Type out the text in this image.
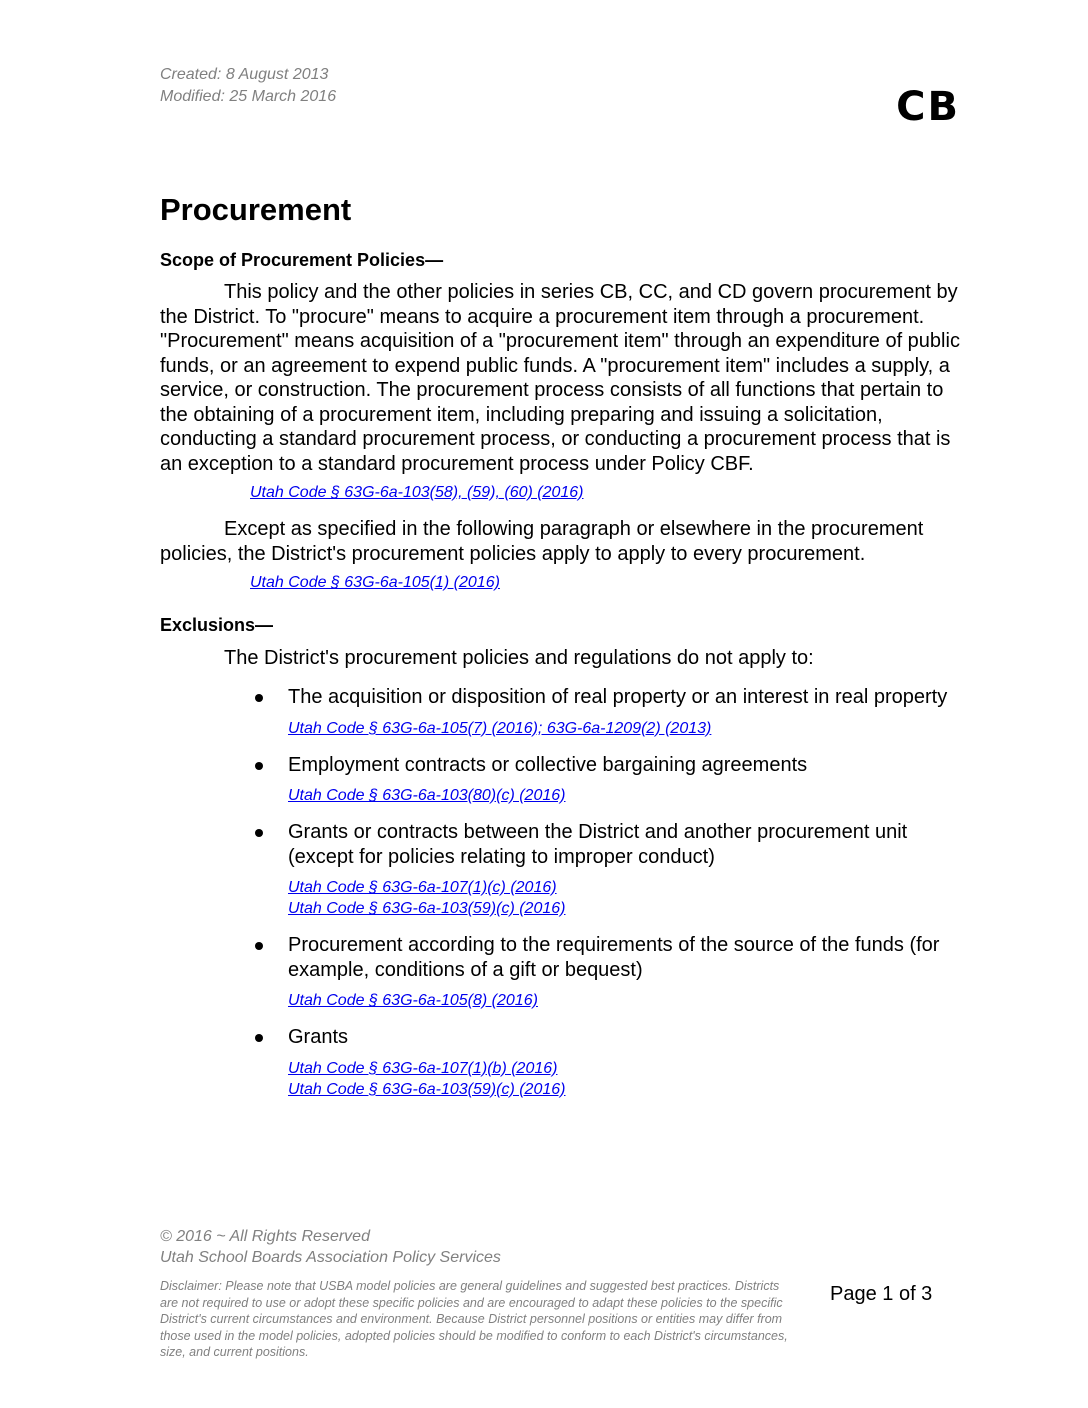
Created: 8 August 2013
Modified: 25 March 2016	CB
Procurement
Scope of Procurement Policies—

This policy and the other policies in series CB, CC, and CD govern procurement by the District. To "procure" means to acquire a procurement item through a procurement. "Procurement" means acquisition of a "procurement item" through an expenditure of public funds, or an agreement to expend public funds. A "procurement item" includes a supply, a service, or construction. The procurement process consists of all functions that pertain to the obtaining of a procurement item, including preparing and issuing a solicitation, conducting a standard procurement process, or conducting a procurement process that is an exception to a standard procurement process under Policy CBF.

Utah Code § 63G-6a-103(58), (59), (60) (2016)

Except as specified in the following paragraph or elsewhere in the procurement policies, the District's procurement policies apply to apply to every procurement.

Utah Code § 63G-6a-105(1) (2016)
Exclusions—

The District's procurement policies and regulations do not apply to:

The acquisition or disposition of real property or an interest in real property
Utah Code § 63G-6a-105(7) (2016); 63G-6a-1209(2) (2013)
Employment contracts or collective bargaining agreements
Utah Code § 63G-6a-103(80)(c) (2016)
Grants or contracts between the District and another procurement unit (except for policies relating to improper conduct)
Utah Code § 63G-6a-107(1)(c) (2016)
Utah Code § 63G-6a-103(59)(c) (2016)
Procurement according to the requirements of the source of the funds (for example, conditions of a gift or bequest)
Utah Code § 63G-6a-105(8) (2016)
Grants
Utah Code § 63G-6a-107(1)(b) (2016)
Utah Code § 63G-6a-103(59)(c) (2016)
© 2016 ~ All Rights Reserved
Utah School Boards Association Policy Services
Disclaimer: Please note that USBA model policies are general guidelines and suggested best practices. Districts are not required to use or adopt these specific policies and are encouraged to adapt these policies to the specific District's current circumstances and environment. Because District personnel positions or entities may differ from those used in the model policies, adopted policies should be modified to conform to each District's circumstances, size, and current positions.
Page 1 of 3
